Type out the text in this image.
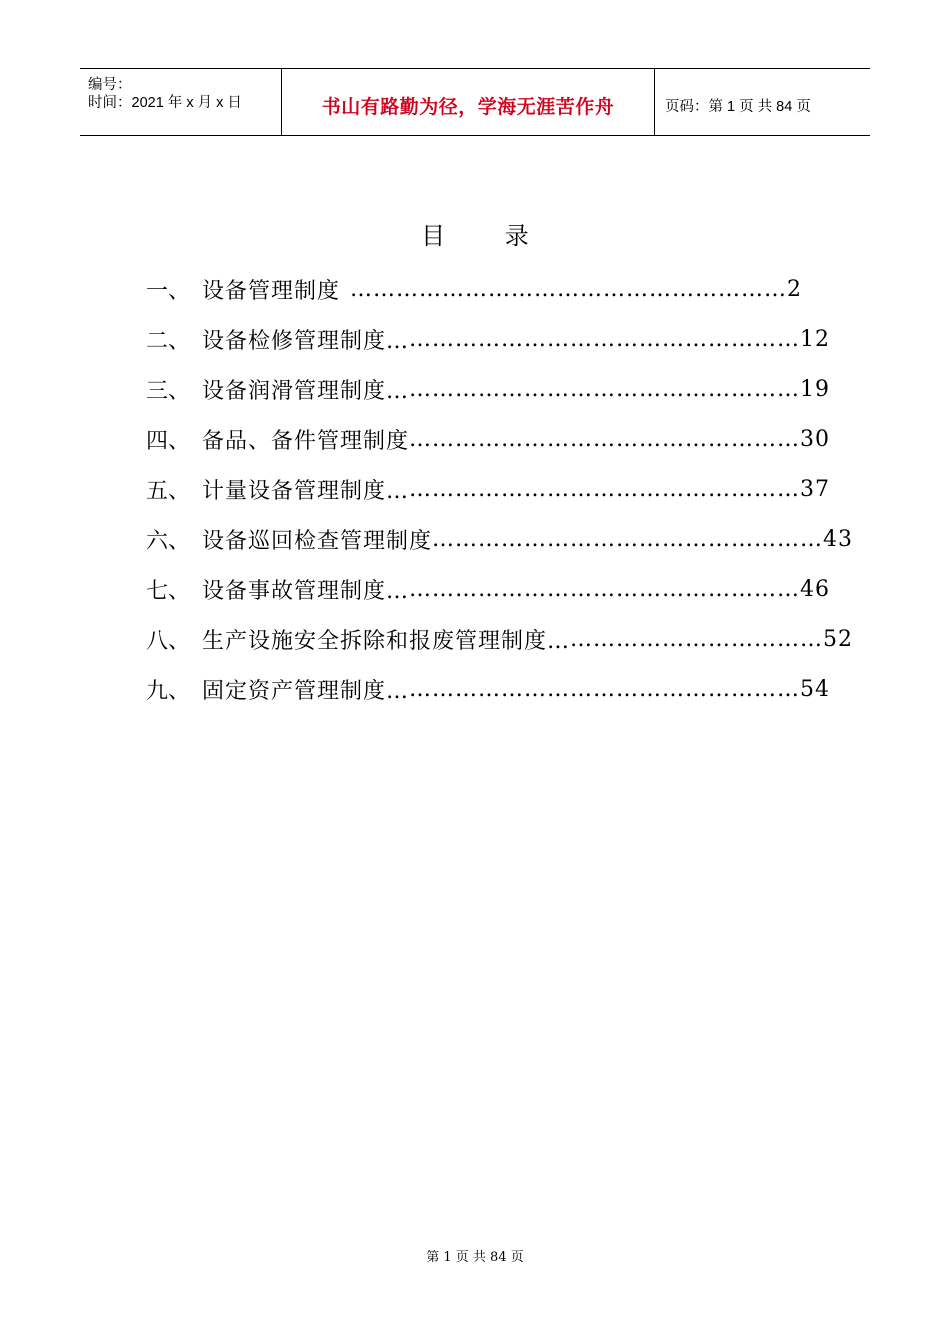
编号：
时间：2021 年 x 月 x 日	书山有路勤为径，学海无涯苦作舟	页码：第 1 页 共 84 页
目 录
一、 设备管理制度 ………………………………………………… 2
二、 设备检修管理制度… …………………………………………… 12
三、 设备润滑管理制度… …………………………………………… 19
四、 备品、备件管理制度 …………………………………………… 30
五、 计量设备管理制度… …………………………………………… 37
六、 设备巡回检查管理制度 …………………………………………… 43
七、 设备事故管理制度… …………………………………………… 46
八、 生产设施安全拆除和报废管理制度… …………………………… 52
九、 固定资产管理制度… …………………………………………… 54
第 1 页 共 84 页
